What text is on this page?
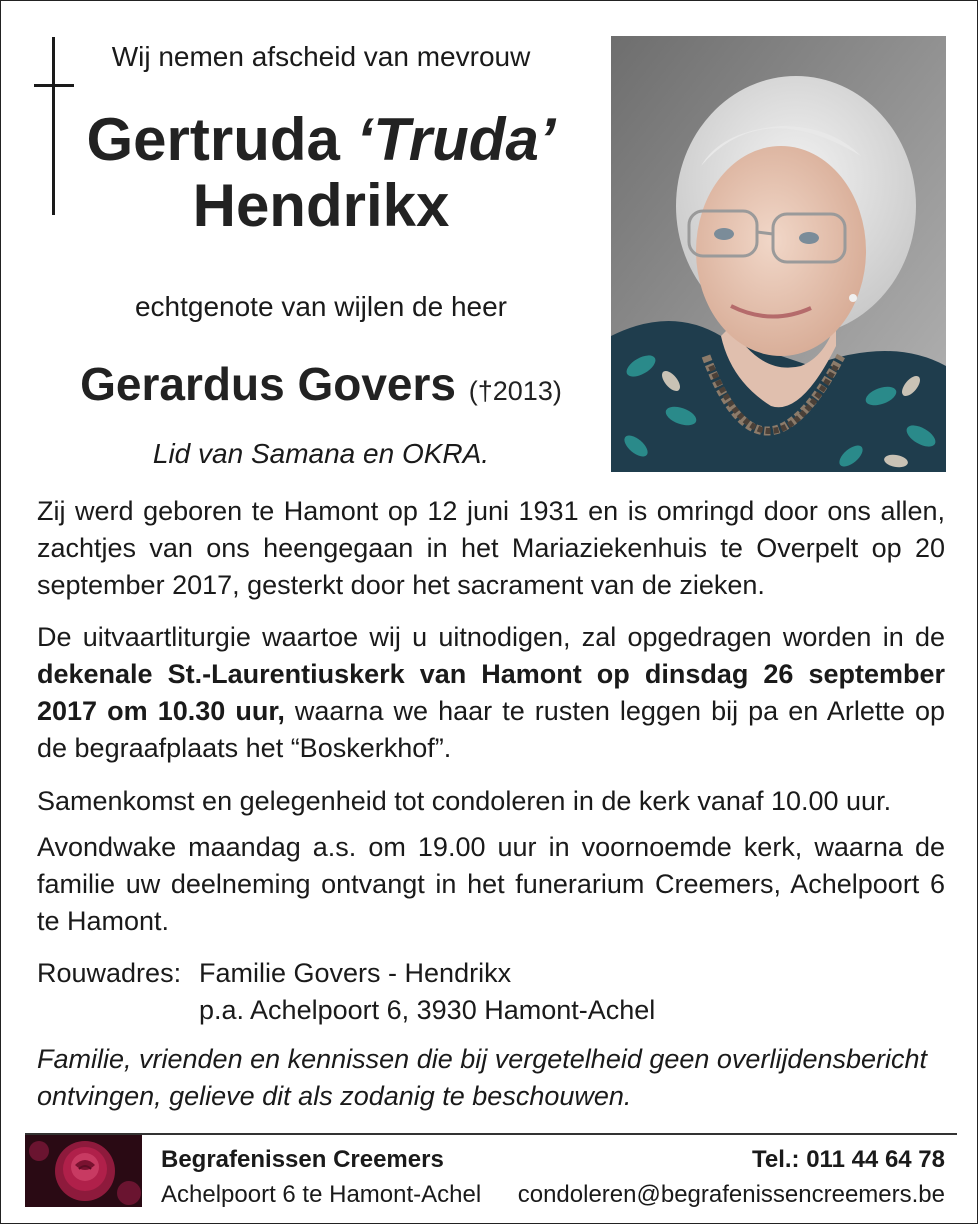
Wij nemen afscheid van mevrouw
Gertruda ‘Truda’
Hendrikx
echtgenote van wijlen de heer
Gerardus Govers (†2013)
Lid van Samana en OKRA.

Zij werd geboren te Hamont op 12 juni 1931 en is omringd door ons allen, zachtjes van ons heengegaan in het Mariaziekenhuis te Overpelt op 20 september 2017, gesterkt door het sacrament van de zieken.

De uitvaartliturgie waartoe wij u uitnodigen, zal opgedragen worden in de dekenale St.-Laurentiuskerk van Hamont op dinsdag 26 september 2017 om 10.30 uur, waarna we haar te rusten leggen bij pa en Arlette op de begraafplaats het “Boskerkhof”.

Samenkomst en gelegenheid tot condoleren in de kerk vanaf 10.00 uur.

Avondwake maandag a.s. om 19.00 uur in voornoemde kerk, waarna de familie uw deelneming ontvangt in het funerarium Creemers, Achelpoort 6 te Hamont.

Rouwadres: Familie Govers - Hendrikx
p.a. Achelpoort 6, 3930 Hamont-Achel
Familie, vrienden en kennissen die bij vergetelheid geen overlijdensbericht ontvingen, gelieve dit als zodanig te beschouwen.
Begrafenissen Creemers
Achelpoort 6 te Hamont-Achel
Tel.: 011 44 64 78
condoleren@begrafenissencreemers.be
